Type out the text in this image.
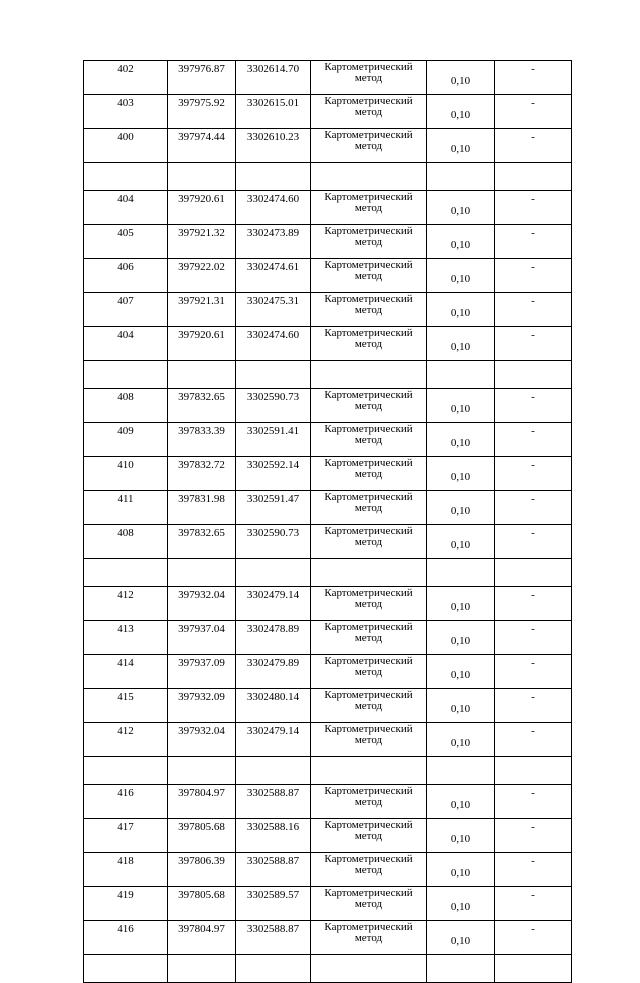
402	397976.87	3302614.70	Картометрический
метод	0,10	-
403	397975.92	3302615.01	Картометрический
метод	0,10	-
400	397974.44	3302610.23	Картометрический
метод	0,10	-

404	397920.61	3302474.60	Картометрический
метод	0,10	-
405	397921.32	3302473.89	Картометрический
метод	0,10	-
406	397922.02	3302474.61	Картометрический
метод	0,10	-
407	397921.31	3302475.31	Картометрический
метод	0,10	-
404	397920.61	3302474.60	Картометрический
метод	0,10	-

408	397832.65	3302590.73	Картометрический
метод	0,10	-
409	397833.39	3302591.41	Картометрический
метод	0,10	-
410	397832.72	3302592.14	Картометрический
метод	0,10	-
411	397831.98	3302591.47	Картометрический
метод	0,10	-
408	397832.65	3302590.73	Картометрический
метод	0,10	-

412	397932.04	3302479.14	Картометрический
метод	0,10	-
413	397937.04	3302478.89	Картометрический
метод	0,10	-
414	397937.09	3302479.89	Картометрический
метод	0,10	-
415	397932.09	3302480.14	Картометрический
метод	0,10	-
412	397932.04	3302479.14	Картометрический
метод	0,10	-

416	397804.97	3302588.87	Картометрический
метод	0,10	-
417	397805.68	3302588.16	Картометрический
метод	0,10	-
418	397806.39	3302588.87	Картометрический
метод	0,10	-
419	397805.68	3302589.57	Картометрический
метод	0,10	-
416	397804.97	3302588.87	Картометрический
метод	0,10	-
